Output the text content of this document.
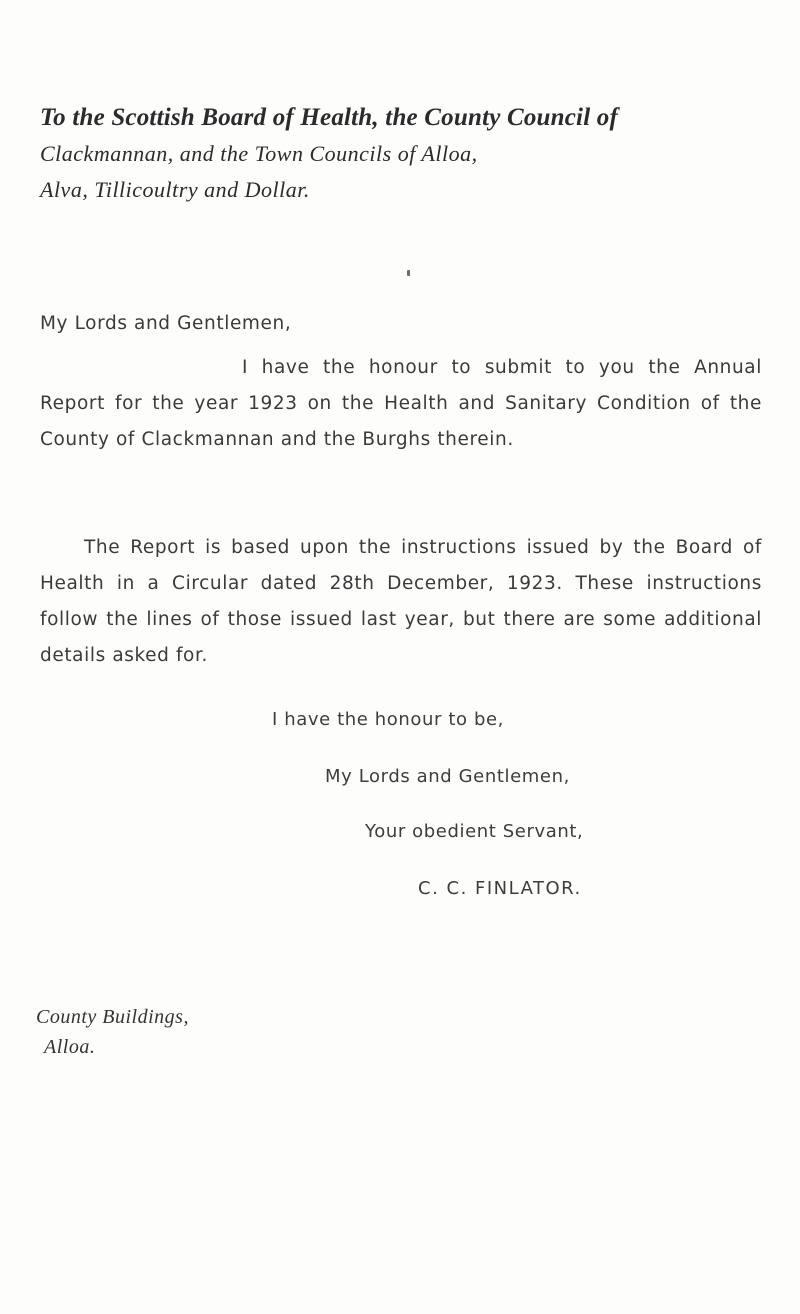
To the Scottish Board of Health, the County Council of
Clackmannan, and the Town Councils of Alloa,
Alva, Tillicoultry and Dollar.
My Lords and Gentlemen,

I have the honour to submit to you the Annual Report for the year 1923 on the Health and Sanitary Condition of the County of Clackmannan and the Burghs therein.

The Report is based upon the instructions issued by the Board of Health in a Circular dated 28th December, 1923. These instructions follow the lines of those issued last year, but there are some additional details asked for.

I have the honour to be,
My Lords and Gentlemen,
Your obedient Servant,
C. C. FINLATOR.
County Buildings,
Alloa.
